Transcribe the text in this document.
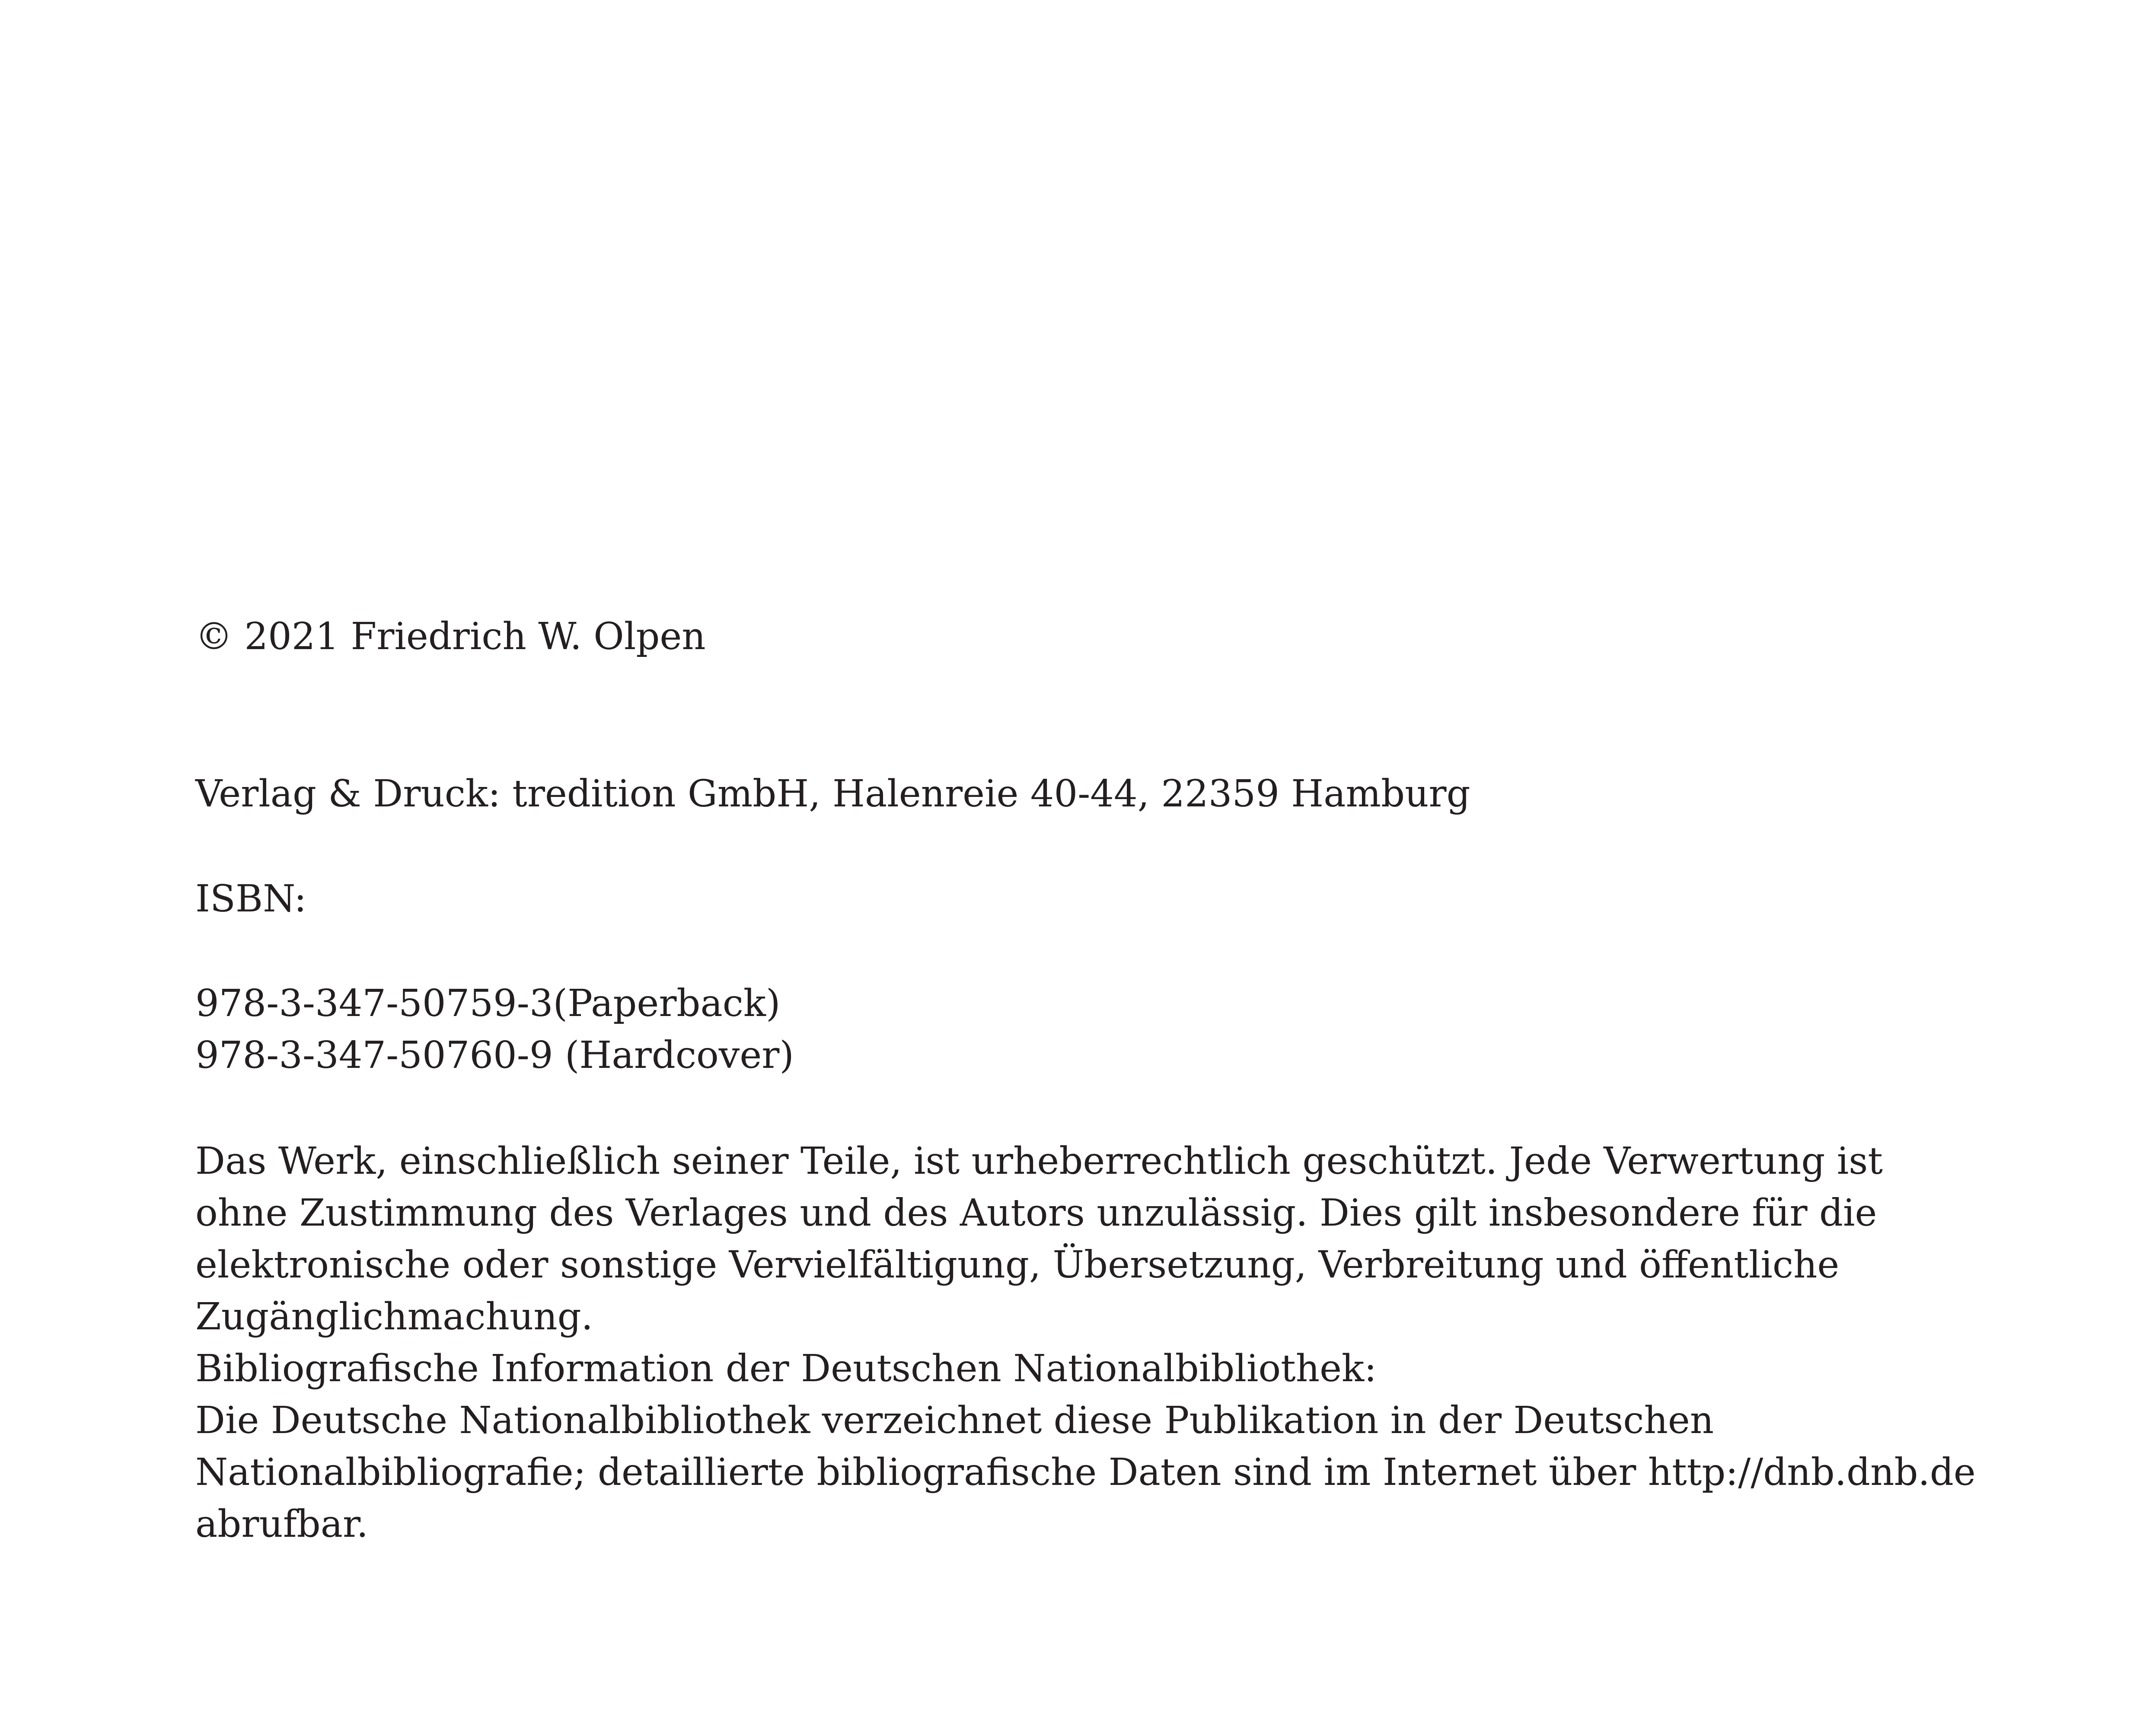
© 2021 Friedrich W. Olpen
Verlag & Druck: tredition GmbH, Halenreie 40-44, 22359 Hamburg
ISBN:
978-3-347-50759-3(Paperback)
978-3-347-50760-9 (Hardcover)
Das Werk, einschließlich seiner Teile, ist urheberrechtlich geschützt. Jede Verwertung ist
ohne Zustimmung des Verlages und des Autors unzulässig. Dies gilt insbesondere für die
elektronische oder sonstige Vervielfältigung, Übersetzung, Verbreitung und öffentliche
Zugänglichmachung.
Bibliografische Information der Deutschen Nationalbibliothek:
Die Deutsche Nationalbibliothek verzeichnet diese Publikation in der Deutschen
Nationalbibliografie; detaillierte bibliografische Daten sind im Internet über http://dnb.dnb.de
abrufbar.
